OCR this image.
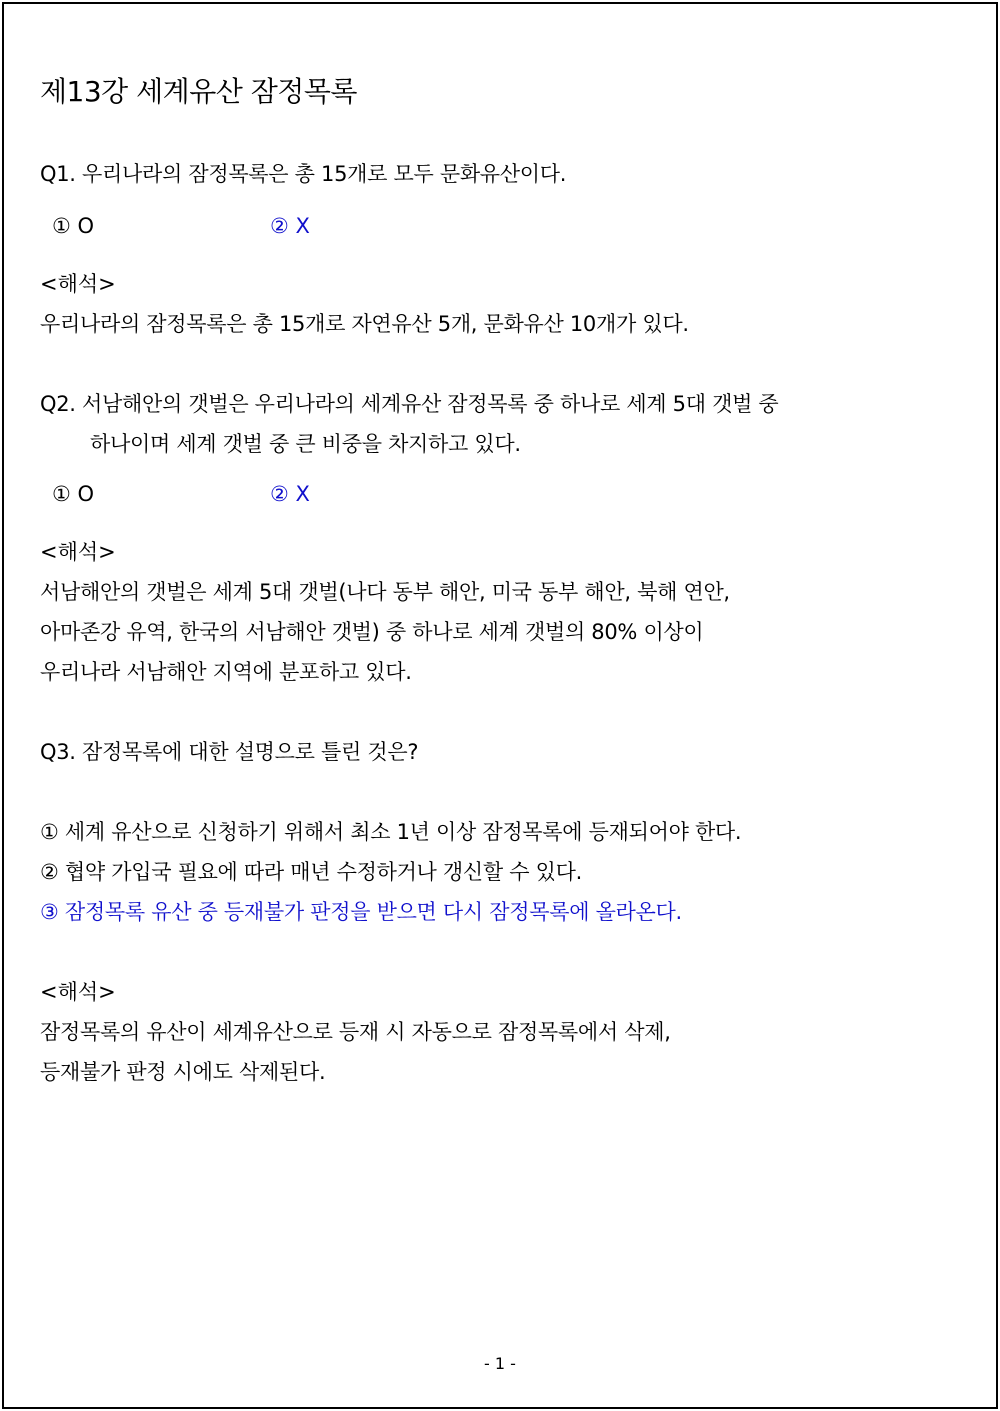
제13강 세계유산 잠정목록
Q1. 우리나라의 잠정목록은 총 15개로 모두 문화유산이다.
① O	② X
<해석>
우리나라의 잠정목록은 총 15개로 자연유산 5개, 문화유산 10개가 있다.
Q2. 서남해안의 갯벌은 우리나라의 세계유산 잠정목록 중 하나로 세계 5대 갯벌 중
하나이며 세계 갯벌 중 큰 비중을 차지하고 있다.
① O	② X
<해석>
서남해안의 갯벌은 세계 5대 갯벌(나다 동부 해안, 미국 동부 해안, 북해 연안,
아마존강 유역, 한국의 서남해안 갯벌) 중 하나로 세계 갯벌의 80% 이상이
우리나라 서남해안 지역에 분포하고 있다.
Q3. 잠정목록에 대한 설명으로 틀린 것은?
① 세계 유산으로 신청하기 위해서 최소 1년 이상 잠정목록에 등재되어야 한다.
② 협약 가입국 필요에 따라 매년 수정하거나 갱신할 수 있다.
③ 잠정목록 유산 중 등재불가 판정을 받으면 다시 잠정목록에 올라온다.
<해석>
잠정목록의 유산이 세계유산으로 등재 시 자동으로 잠정목록에서 삭제,
등재불가 판정 시에도 삭제된다.
- 1 -
